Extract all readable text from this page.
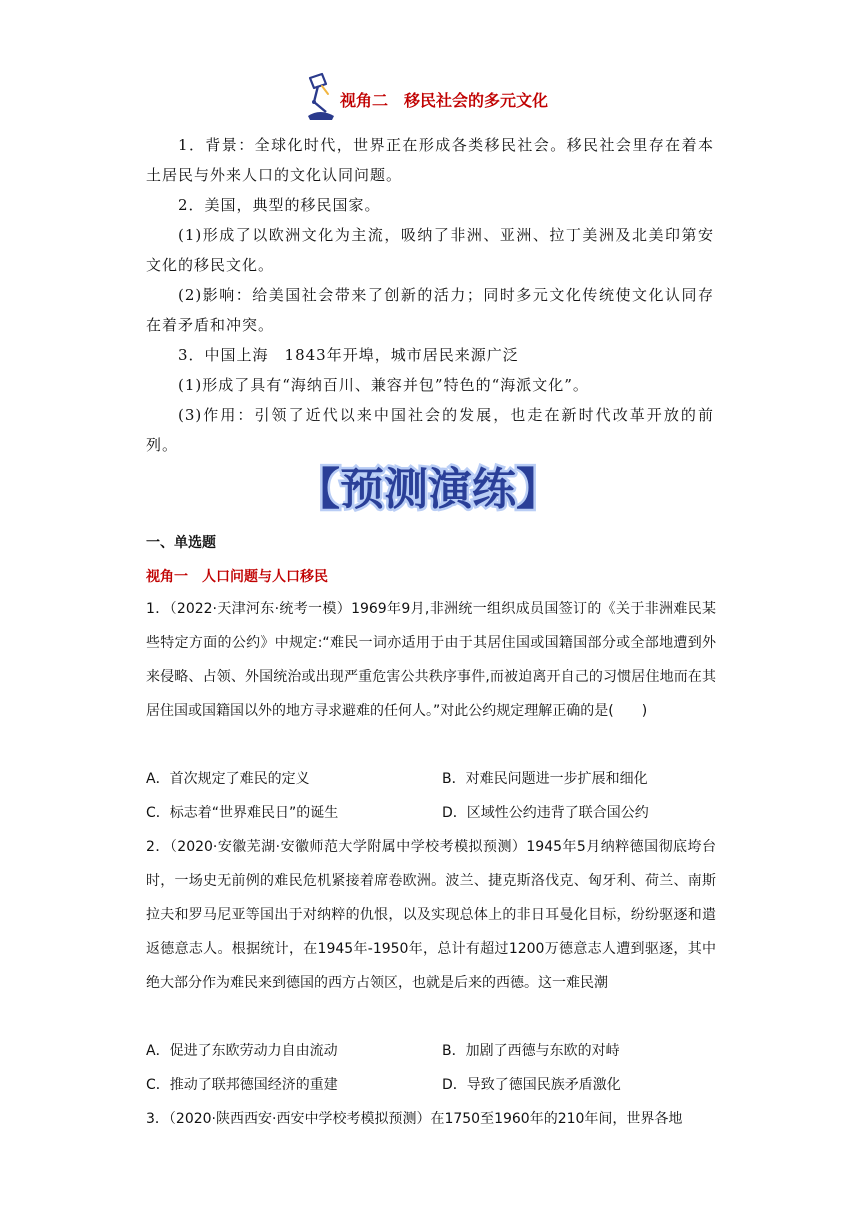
视角二　移民社会的多元文化
1．背景：全球化时代，世界正在形成各类移民社会。移民社会里存在着本土居民与外来人口的文化认同问题。
2．美国，典型的移民国家。
(1)形成了以欧洲文化为主流，吸纳了非洲、亚洲、拉丁美洲及北美印第安文化的移民文化。
(2)影响：给美国社会带来了创新的活力；同时多元文化传统使文化认同存在着矛盾和冲突。
3．中国上海　1843年开埠，城市居民来源广泛
(1)形成了具有“海纳百川、兼容并包”特色的“海派文化”。
(3)作用：引领了近代以来中国社会的发展，也走在新时代改革开放的前列。
【预测演练】
一、单选题
视角一　人口问题与人口移民
1．（2022·天津河东·统考一模）1969年9月,非洲统一组织成员国签订的《关于非洲难民某些特定方面的公约》中规定:“难民一词亦适用于由于其居住国或国籍国部分或全部地遭到外来侵略、占领、外国统治或出现严重危害公共秩序事件,而被迫离开自己的习惯居住地而在其居住国或国籍国以外的地方寻求避难的任何人。”对此公约规定理解正确的是(　　)
A．首次规定了难民的定义	B．对难民问题进一步扩展和细化
C．标志着“世界难民日”的诞生	D．区域性公约违背了联合国公约
2．（2020·安徽芜湖·安徽师范大学附属中学校考模拟预测）1945年5月纳粹德国彻底垮台时，一场史无前例的难民危机紧接着席卷欧洲。波兰、捷克斯洛伐克、匈牙利、荷兰、南斯拉夫和罗马尼亚等国出于对纳粹的仇恨，以及实现总体上的非日耳曼化目标，纷纷驱逐和遣返德意志人。根据统计，在1945年-1950年，总计有超过1200万德意志人遭到驱逐，其中绝大部分作为难民来到德国的西方占领区，也就是后来的西德。这一难民潮
A．促进了东欧劳动力自由流动	B．加剧了西德与东欧的对峙
C．推动了联邦德国经济的重建	D．导致了德国民族矛盾激化
3．（2020·陕西西安·西安中学校考模拟预测）在1750至1960年的210年间，世界各地
